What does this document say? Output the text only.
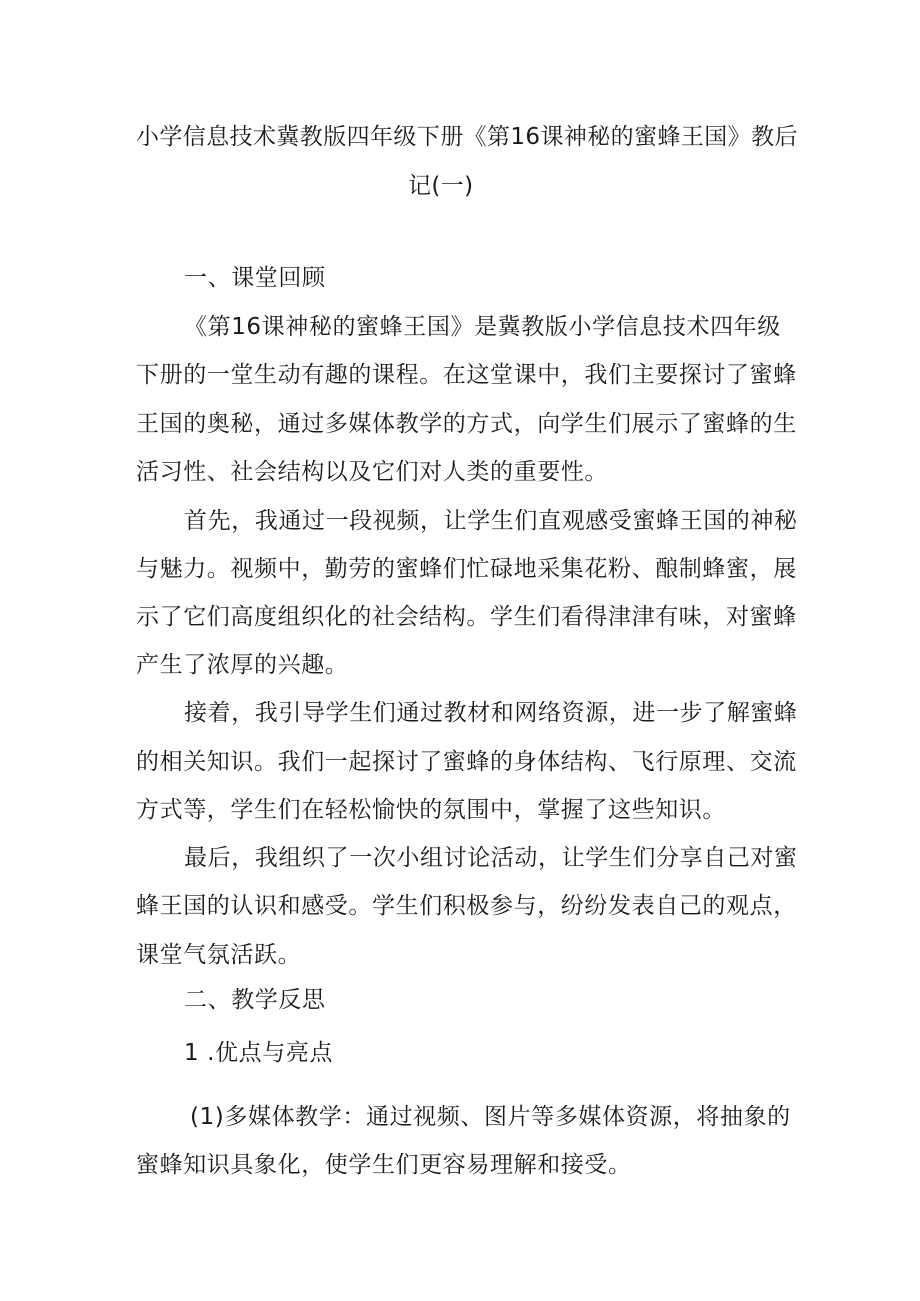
小学信息技术冀教版四年级下册《第16课神秘的蜜蜂王国》教后
记(一)
一、课堂回顾
《第16课神秘的蜜蜂王国》是冀教版小学信息技术四年级
下册的一堂生动有趣的课程。在这堂课中，我们主要探讨了蜜蜂
王国的奥秘，通过多媒体教学的方式，向学生们展示了蜜蜂的生
活习性、社会结构以及它们对人类的重要性。
首先，我通过一段视频，让学生们直观感受蜜蜂王国的神秘
与魅力。视频中，勤劳的蜜蜂们忙碌地采集花粉、酿制蜂蜜，展
示了它们高度组织化的社会结构。学生们看得津津有味，对蜜蜂
产生了浓厚的兴趣。
接着，我引导学生们通过教材和网络资源，进一步了解蜜蜂
的相关知识。我们一起探讨了蜜蜂的身体结构、飞行原理、交流
方式等，学生们在轻松愉快的氛围中，掌握了这些知识。
最后，我组织了一次小组讨论活动，让学生们分享自己对蜜
蜂王国的认识和感受。学生们积极参与，纷纷发表自己的观点，
课堂气氛活跃。
二、教学反思
1 .优点与亮点
(1)多媒体教学：通过视频、图片等多媒体资源，将抽象的
蜜蜂知识具象化，使学生们更容易理解和接受。
